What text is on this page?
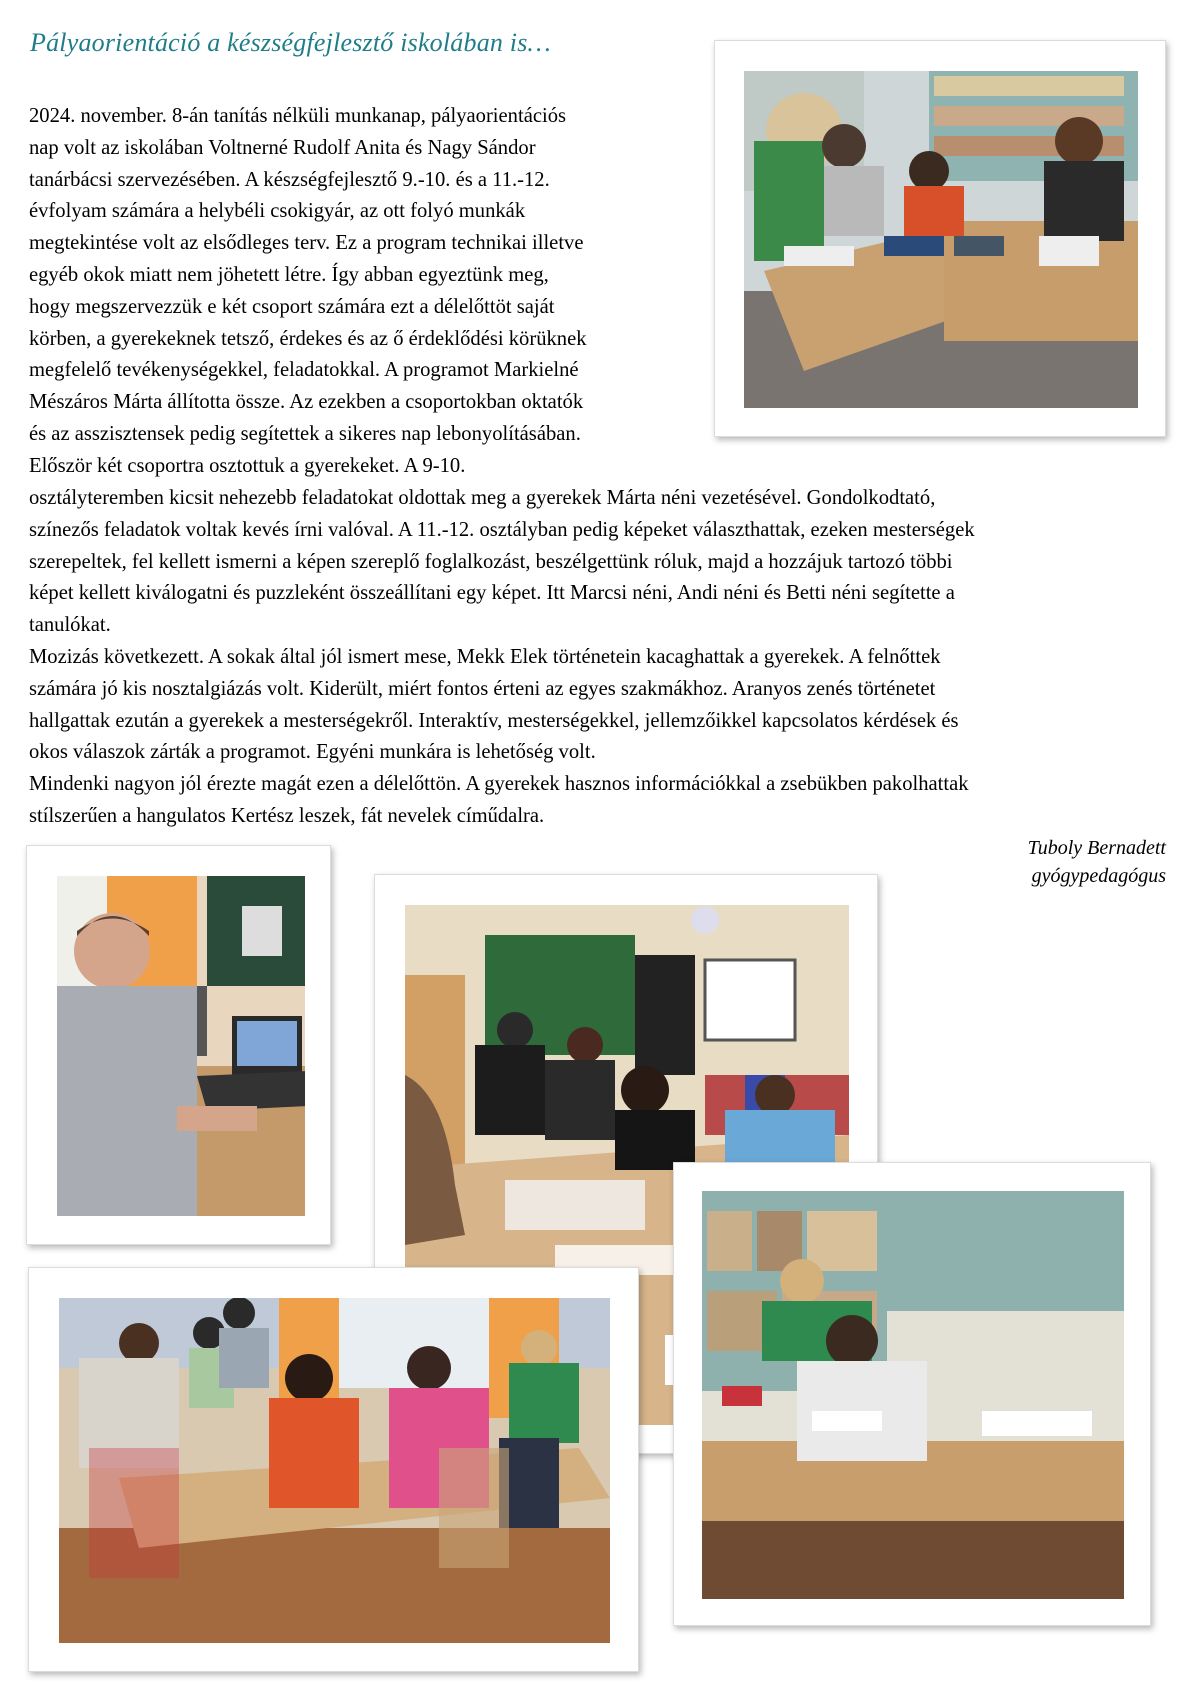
Pályaorientáció a készségfejlesztő iskolában is…

2024. november. 8-án tanítás nélküli munkanap, pályaorientációs

nap volt az iskolában Voltnerné Rudolf Anita és Nagy Sándor

tanárbácsi szervezésében. A készségfejlesztő 9.-10. és a 11.-12.

évfolyam számára a helybéli csokigyár, az ott folyó munkák

megtekintése volt az elsődleges terv. Ez a program technikai illetve

egyéb okok miatt nem jöhetett létre. Így abban egyeztünk meg,

hogy megszervezzük e két csoport számára ezt a délelőttöt saját

körben, a gyerekeknek tetsző, érdekes és az ő érdeklődési körüknek

megfelelő tevékenységekkel, feladatokkal. A programot Markielné

Mészáros Márta állította össze. Az ezekben a csoportokban oktatók

és az asszisztensek pedig segítettek a sikeres nap lebonyolításában.

Először két csoportra osztottuk a gyerekeket. A 9-10.

osztályteremben kicsit nehezebb feladatokat oldottak meg a gyerekek Márta néni vezetésével. Gondolkodtató,

színezős feladatok voltak kevés írni valóval. A 11.-12. osztályban pedig képeket választhattak, ezeken mesterségek

szerepeltek, fel kellett ismerni a képen szereplő foglalkozást, beszélgettünk róluk, majd a hozzájuk tartozó többi

képet kellett kiválogatni és puzzleként összeállítani egy képet. Itt Marcsi néni, Andi néni és Betti néni segítette a

tanulókat.

Mozizás következett. A sokak által jól ismert mese, Mekk Elek történetein kacaghattak a gyerekek. A felnőttek

számára jó kis nosztalgiázás volt. Kiderült, miért fontos érteni az egyes szakmákhoz. Aranyos zenés történetet

hallgattak ezután a gyerekek a mesterségekről. Interaktív, mesterségekkel, jellemzőikkel kapcsolatos kérdések és

okos válaszok zárták a programot. Egyéni munkára is lehetőség volt.

Mindenki nagyon jól érezte magát ezen a délelőttön. A gyerekek hasznos információkkal a zsebükben pakolhattak

stílszerűen a hangulatos Kertész leszek, fát nevelek címűdalra.

Tuboly Bernadett
gyógypedagógus
